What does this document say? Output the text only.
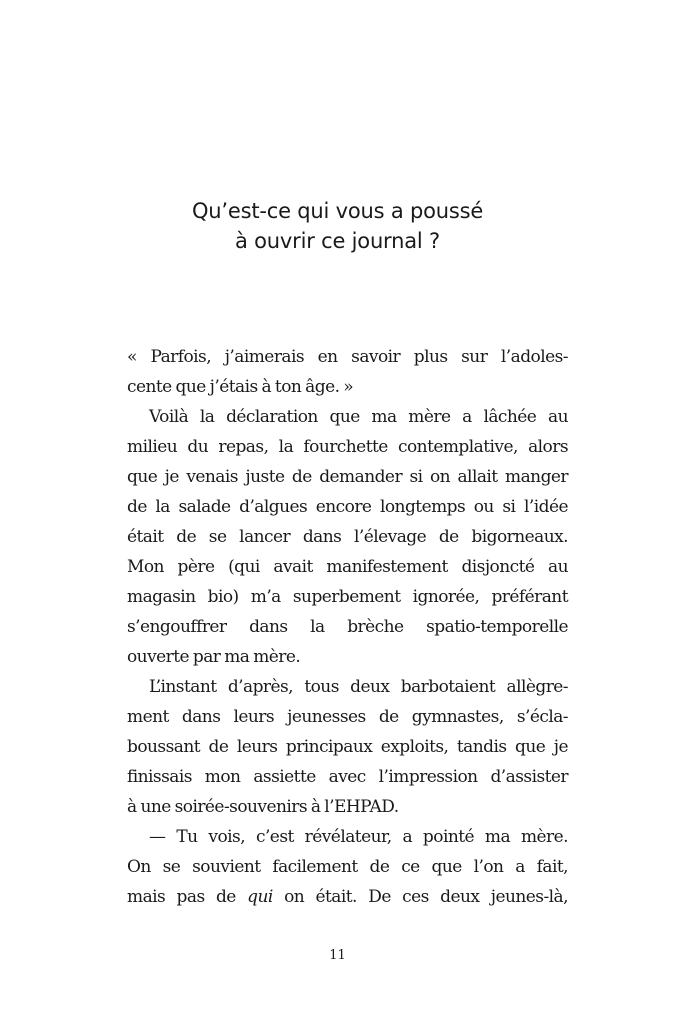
Qu’est-ce qui vous a poussé
à ouvrir ce journal ?

« Parfois, j’aimerais en savoir plus sur l’adoles-
cente que j’étais à ton âge. »

Voilà la déclaration que ma mère a lâchée au
milieu du repas, la fourchette contemplative, alors
que je venais juste de demander si on allait manger
de la salade d’algues encore longtemps ou si l’idée
était de se lancer dans l’élevage de bigorneaux.
Mon père (qui avait manifestement disjoncté au
magasin bio) m’a superbement ignorée, préférant
s’engouffrer dans la brèche spatio-temporelle
ouverte par ma mère.

L’instant d’après, tous deux barbotaient allègre-
ment dans leurs jeunesses de gymnastes, s’écla-
boussant de leurs principaux exploits, tandis que je
finissais mon assiette avec l’impression d’assister
à une soirée-souvenirs à l’EHPAD.

— Tu vois, c’est révélateur, a pointé ma mère.
On se souvient facilement de ce que l’on a fait,
mais pas de qui on était. De ces deux jeunes-là,

11
